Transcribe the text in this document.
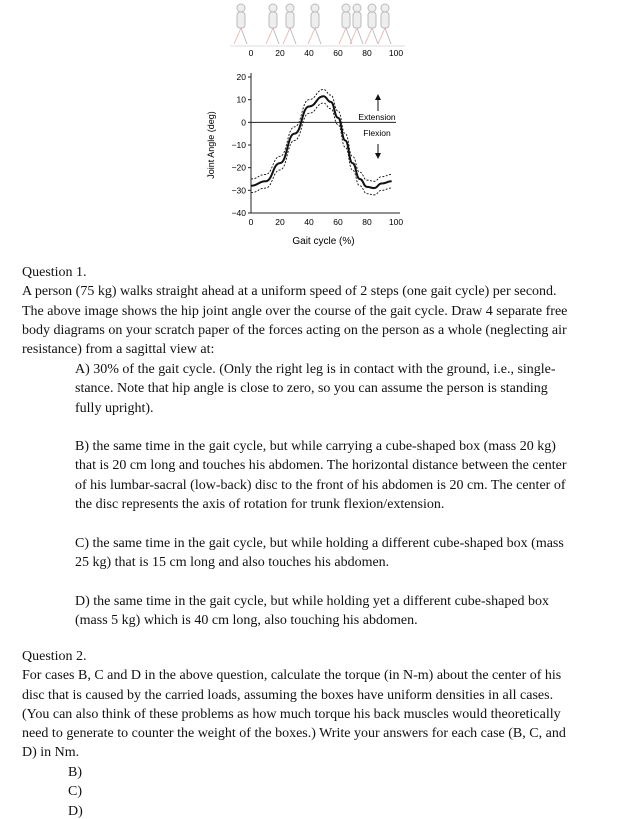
0	20 40 60 80 100
20
10
0
−10
−20
−30
−40
0	20 40 60 80 100
Gait cycle (%)
Joint Angle (deg)	Extension
Flexion
Question 1.
A person (75 kg) walks straight ahead at a uniform speed of 2 steps (one gait cycle) per second.
The above image shows the hip joint angle over the course of the gait cycle. Draw 4 separate free
body diagrams on your scratch paper of the forces acting on the person as a whole (neglecting air
resistance) from a sagittal view at:
A) 30% of the gait cycle. (Only the right leg is in contact with the ground, i.e., single-
stance. Note that hip angle is close to zero, so you can assume the person is standing
fully upright).
B) the same time in the gait cycle, but while carrying a cube-shaped box (mass 20 kg)
that is 20 cm long and touches his abdomen. The horizontal distance between the center
of his lumbar-sacral (low-back) disc to the front of his abdomen is 20 cm. The center of
the disc represents the axis of rotation for trunk flexion/extension.
C) the same time in the gait cycle, but while holding a different cube-shaped box (mass
25 kg) that is 15 cm long and also touches his abdomen.
D) the same time in the gait cycle, but while holding yet a different cube-shaped box
(mass 5 kg) which is 40 cm long, also touching his abdomen.
Question 2.
For cases B, C and D in the above question, calculate the torque (in N-m) about the center of his
disc that is caused by the carried loads, assuming the boxes have uniform densities in all cases.
(You can also think of these problems as how much torque his back muscles would theoretically
need to generate to counter the weight of the boxes.) Write your answers for each case (B, C, and
D) in Nm.
B)
C)
D)
